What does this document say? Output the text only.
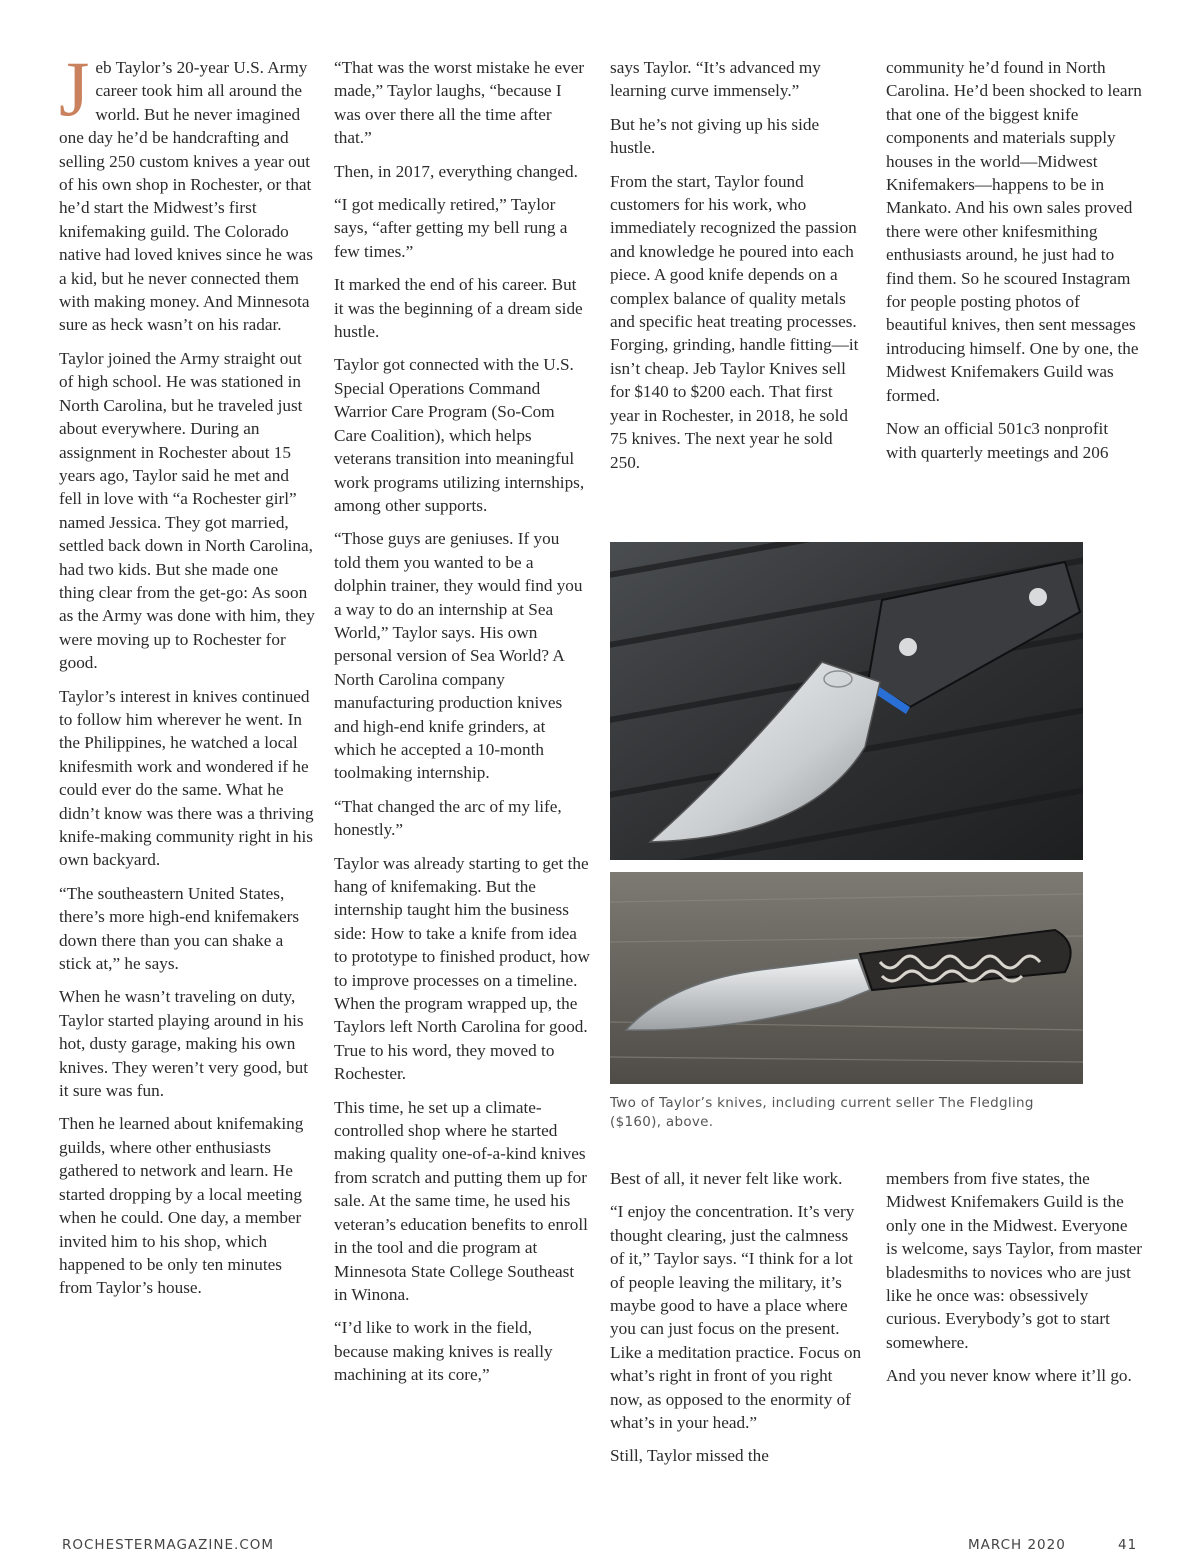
Jeb Taylor’s 20-year U.S. Army career took him all around the world. But he never imagined one day he’d be handcrafting and selling 250 custom knives a year out of his own shop in Rochester, or that he’d start the Midwest’s first knifemaking guild. The Colorado native had loved knives since he was a kid, but he never connected them with making money. And Minnesota sure as heck wasn’t on his radar.

Taylor joined the Army straight out of high school. He was stationed in North Carolina, but he traveled just about everywhere. During an assignment in Rochester about 15 years ago, Taylor said he met and fell in love with “a Rochester girl” named Jessica. They got married, settled back down in North Carolina, had two kids. But she made one thing clear from the get-go: As soon as the Army was done with him, they were moving up to Rochester for good.

Taylor’s interest in knives continued to follow him wherever he went. In the Philippines, he watched a local knifesmith work and wondered if he could ever do the same. What he didn’t know was there was a thriving knife-making community right in his own backyard.

“The southeastern United States, there’s more high-end knifemakers down there than you can shake a stick at,” he says.

When he wasn’t traveling on duty, Taylor started playing around in his hot, dusty garage, making his own knives. They weren’t very good, but it sure was fun.

Then he learned about knifemaking guilds, where other enthusiasts gathered to network and learn. He started dropping by a local meeting when he could. One day, a member invited him to his shop, which happened to be only ten minutes from Taylor’s house.

“That was the worst mistake he ever made,” Taylor laughs, “because I was over there all the time after that.”

Then, in 2017, everything changed.

“I got medically retired,” Taylor says, “after getting my bell rung a few times.”

It marked the end of his career. But it was the beginning of a dream side hustle.

Taylor got connected with the U.S. Special Operations Command Warrior Care Program (So-Com Care Coalition), which helps veterans transition into meaningful work programs utilizing internships, among other supports.

“Those guys are geniuses. If you told them you wanted to be a dolphin trainer, they would find you a way to do an internship at Sea World,” Taylor says. His own personal version of Sea World? A North Carolina company manufacturing production knives and high-end knife grinders, at which he accepted a 10-month toolmaking internship.

“That changed the arc of my life, honestly.”

Taylor was already starting to get the hang of knifemaking. But the internship taught him the business side: How to take a knife from idea to prototype to finished product, how to improve processes on a timeline. When the program wrapped up, the Taylors left North Carolina for good. True to his word, they moved to Rochester.

This time, he set up a climate-controlled shop where he started making quality one-of-a-kind knives from scratch and putting them up for sale. At the same time, he used his veteran’s education benefits to enroll in the tool and die program at Minnesota State College Southeast in Winona.

“I’d like to work in the field, because making knives is really machining at its core,”

says Taylor. “It’s advanced my learning curve immensely.”

But he’s not giving up his side hustle.

From the start, Taylor found customers for his work, who immediately recognized the passion and knowledge he poured into each piece. A good knife depends on a complex balance of quality metals and specific heat treating processes. Forging, grinding, handle fitting—it isn’t cheap. Jeb Taylor Knives sell for $140 to $200 each. That first year in Rochester, in 2018, he sold 75 knives. The next year he sold 250.

community he’d found in North Carolina. He’d been shocked to learn that one of the biggest knife components and materials supply houses in the world—Midwest Knifemakers—happens to be in Mankato. And his own sales proved there were other knifesmithing enthusiasts around, he just had to find them. So he scoured Instagram for people posting photos of beautiful knives, then sent messages introducing himself. One by one, the Midwest Knifemakers Guild was formed.

Now an official 501c3 nonprofit with quarterly meetings and 206

Two of Taylor’s knives, including current seller The Fledgling ($160), above.

Best of all, it never felt like work.

“I enjoy the concentration. It’s very thought clearing, just the calmness of it,” Taylor says. “I think for a lot of people leaving the military, it’s maybe good to have a place where you can just focus on the present. Like a meditation practice. Focus on what’s right in front of you right now, as opposed to the enormity of what’s in your head.”

Still, Taylor missed the

members from five states, the Midwest Knifemakers Guild is the only one in the Midwest. Everyone is welcome, says Taylor, from master bladesmiths to novices who are just like he once was: obsessively curious. Everybody’s got to start somewhere.

And you never know where it’ll go.

ROCHESTERMAGAZINE.COM	MARCH 2020	41
